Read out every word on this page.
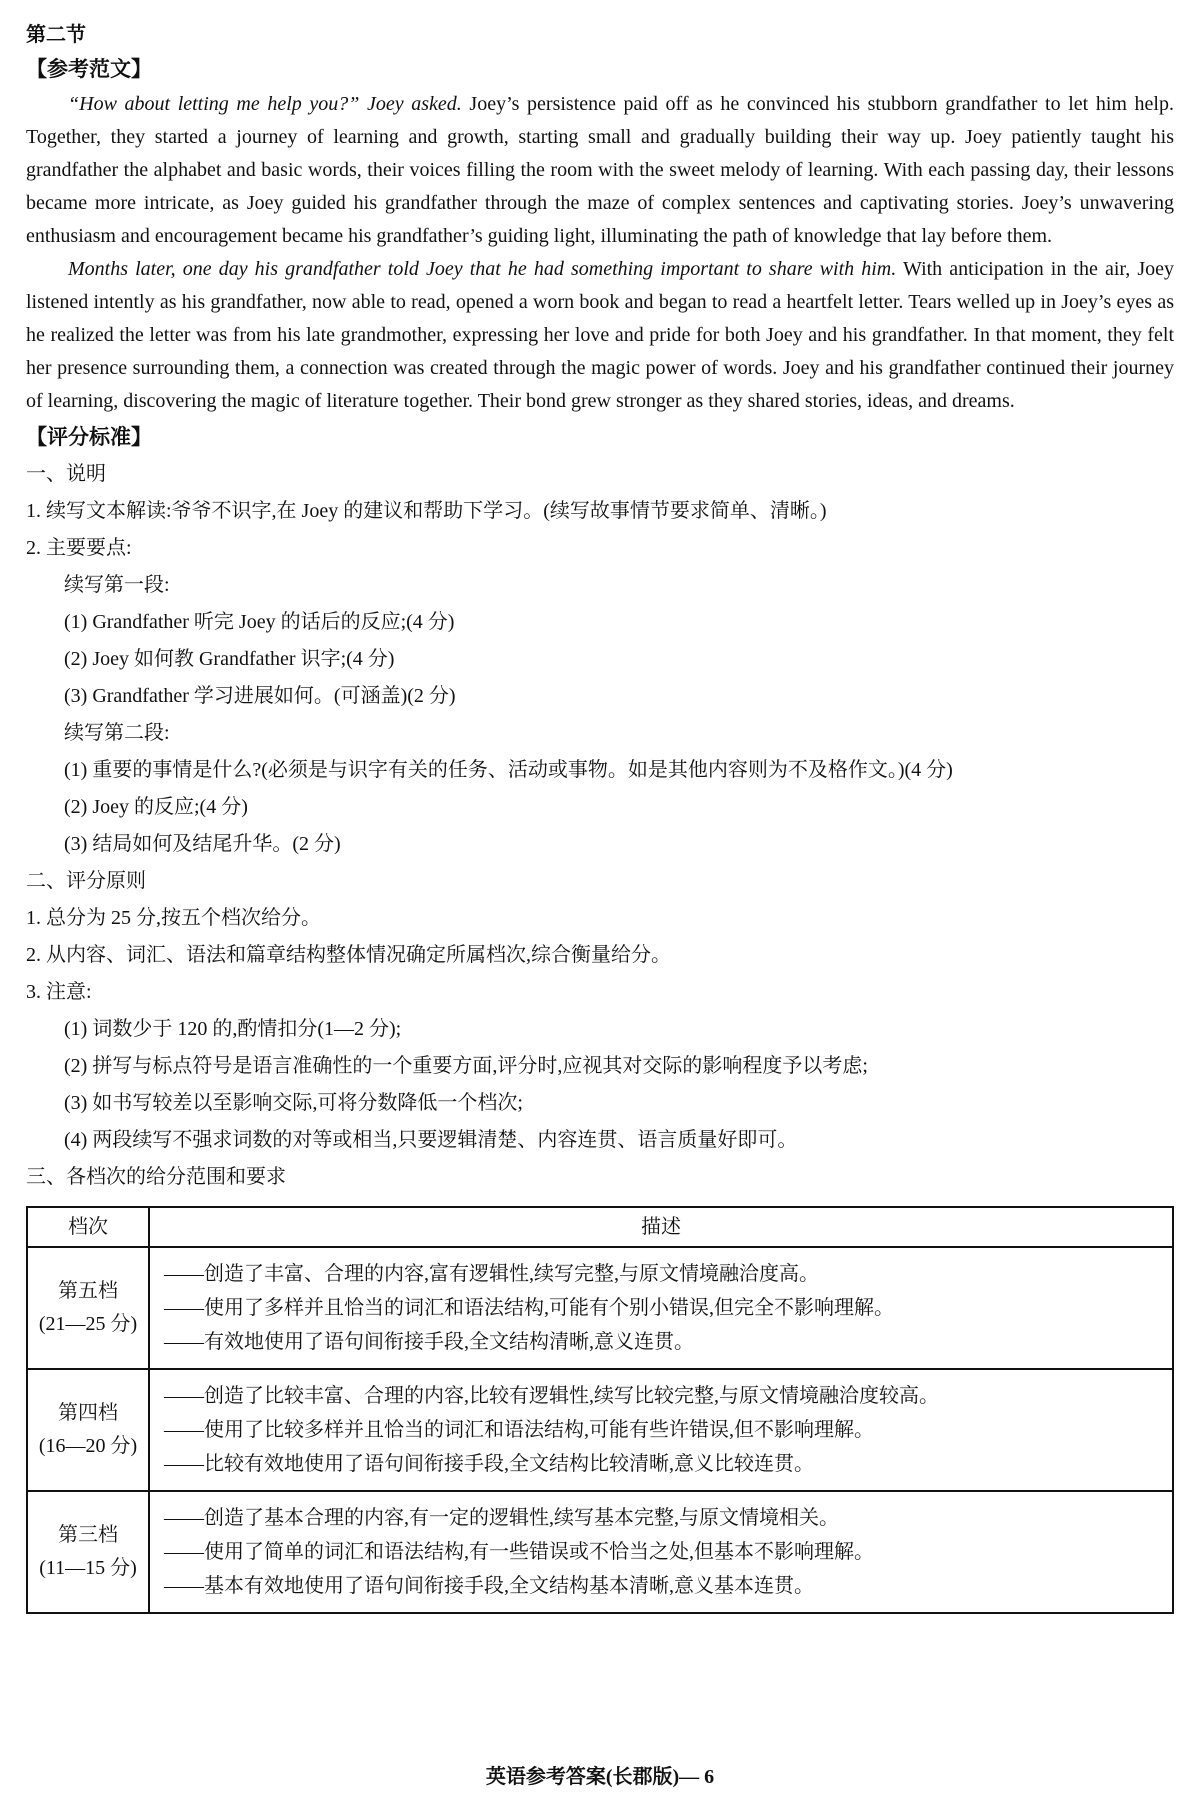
第二节
【参考范文】

“How about letting me help you?” Joey asked. Joey’s persistence paid off as he convinced his stubborn grandfather to let him help. Together, they started a journey of learning and growth, starting small and gradually building their way up. Joey patiently taught his grandfather the alphabet and basic words, their voices filling the room with the sweet melody of learning. With each passing day, their lessons became more intricate, as Joey guided his grandfather through the maze of complex sentences and captivating stories. Joey’s unwavering enthusiasm and encouragement became his grandfather’s guiding light, illuminating the path of knowledge that lay before them.

Months later, one day his grandfather told Joey that he had something important to share with him. With anticipation in the air, Joey listened intently as his grandfather, now able to read, opened a worn book and began to read a heartfelt letter. Tears welled up in Joey’s eyes as he realized the letter was from his late grandmother, expressing her love and pride for both Joey and his grandfather. In that moment, they felt her presence surrounding them, a connection was created through the magic power of words. Joey and his grandfather continued their journey of learning, discovering the magic of literature together. Their bond grew stronger as they shared stories, ideas, and dreams.

【评分标准】
一、说明
1. 续写文本解读:爷爷不识字,在 Joey 的建议和帮助下学习。(续写故事情节要求简单、清晰。)
2. 主要要点:
续写第一段:
(1) Grandfather 听完 Joey 的话后的反应;(4 分)
(2) Joey 如何教 Grandfather 识字;(4 分)
(3) Grandfather 学习进展如何。(可涵盖)(2 分)
续写第二段:
(1) 重要的事情是什么?(必须是与识字有关的任务、活动或事物。如是其他内容则为不及格作文。)(4 分)
(2) Joey 的反应;(4 分)
(3) 结局如何及结尾升华。(2 分)
二、评分原则
1. 总分为 25 分,按五个档次给分。
2. 从内容、词汇、语法和篇章结构整体情况确定所属档次,综合衡量给分。
3. 注意:
(1) 词数少于 120 的,酌情扣分(1—2 分);
(2) 拼写与标点符号是语言准确性的一个重要方面,评分时,应视其对交际的影响程度予以考虑;
(3) 如书写较差以至影响交际,可将分数降低一个档次;
(4) 两段续写不强求词数的对等或相当,只要逻辑清楚、内容连贯、语言质量好即可。
三、各档次的给分范围和要求
档次	描述

第五档
(21—25 分)

——创造了丰富、合理的内容,富有逻辑性,续写完整,与原文情境融洽度高。
——使用了多样并且恰当的词汇和语法结构,可能有个别小错误,但完全不影响理解。
——有效地使用了语句间衔接手段,全文结构清晰,意义连贯。

第四档
(16—20 分)

——创造了比较丰富、合理的内容,比较有逻辑性,续写比较完整,与原文情境融洽度较高。
——使用了比较多样并且恰当的词汇和语法结构,可能有些许错误,但不影响理解。
——比较有效地使用了语句间衔接手段,全文结构比较清晰,意义比较连贯。

第三档
(11—15 分)

——创造了基本合理的内容,有一定的逻辑性,续写基本完整,与原文情境相关。
——使用了简单的词汇和语法结构,有一些错误或不恰当之处,但基本不影响理解。
——基本有效地使用了语句间衔接手段,全文结构基本清晰,意义基本连贯。
英语参考答案(长郡版)— 6
